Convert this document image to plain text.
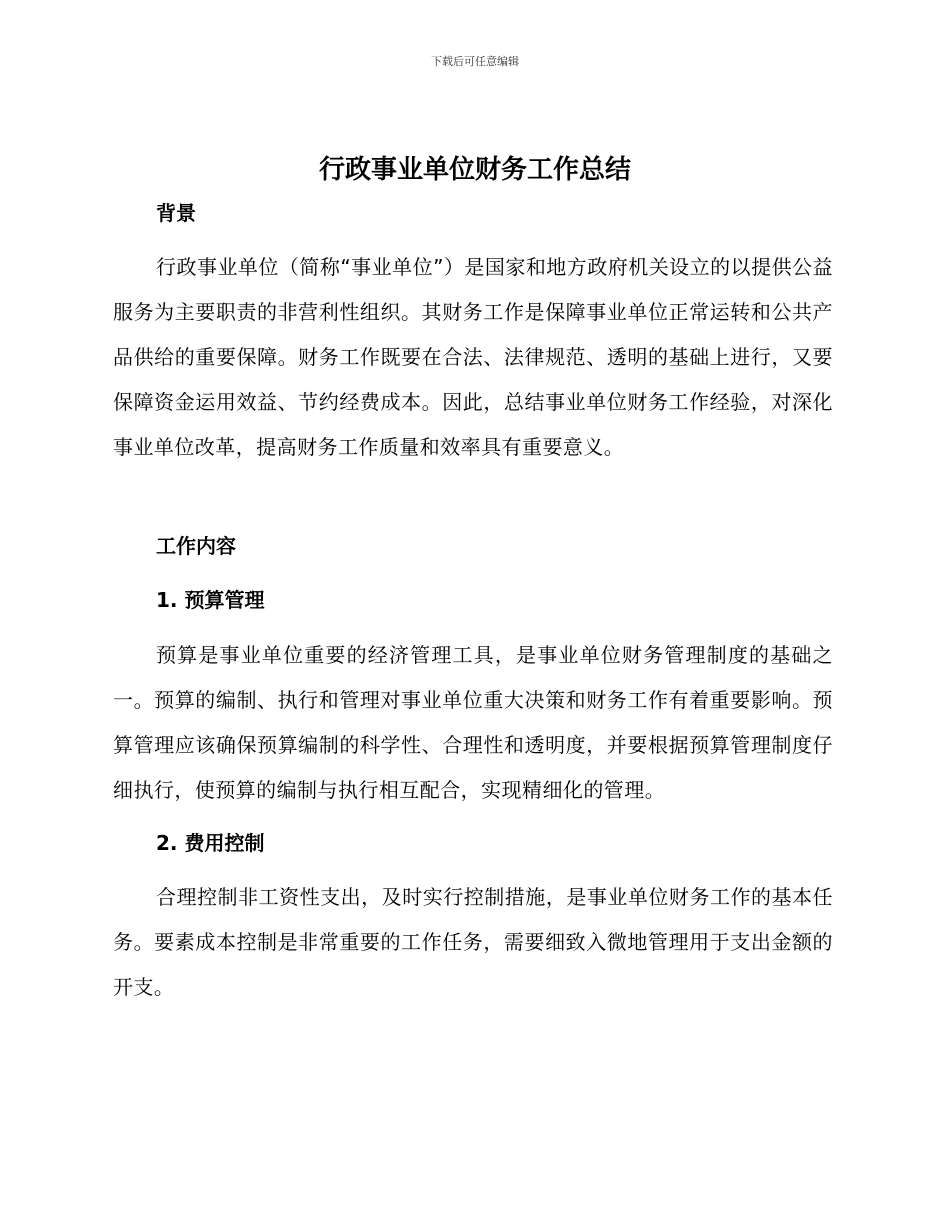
下载后可任意编辑
行政事业单位财务工作总结
背景

行政事业单位（简称“事业单位”）是国家和地方政府机关设立的以提供公益服务为主要职责的非营利性组织。其财务工作是保障事业单位正常运转和公共产品供给的重要保障。财务工作既要在合法、法律规范、透明的基础上进行，又要保障资金运用效益、节约经费成本。因此，总结事业单位财务工作经验，对深化事业单位改革，提高财务工作质量和效率具有重要意义。

工作内容
1. 预算管理

预算是事业单位重要的经济管理工具，是事业单位财务管理制度的基础之一。预算的编制、执行和管理对事业单位重大决策和财务工作有着重要影响。预算管理应该确保预算编制的科学性、合理性和透明度，并要根据预算管理制度仔细执行，使预算的编制与执行相互配合，实现精细化的管理。

2. 费用控制

合理控制非工资性支出，及时实行控制措施，是事业单位财务工作的基本任务。要素成本控制是非常重要的工作任务，需要细致入微地管理用于支出金额的开支。
